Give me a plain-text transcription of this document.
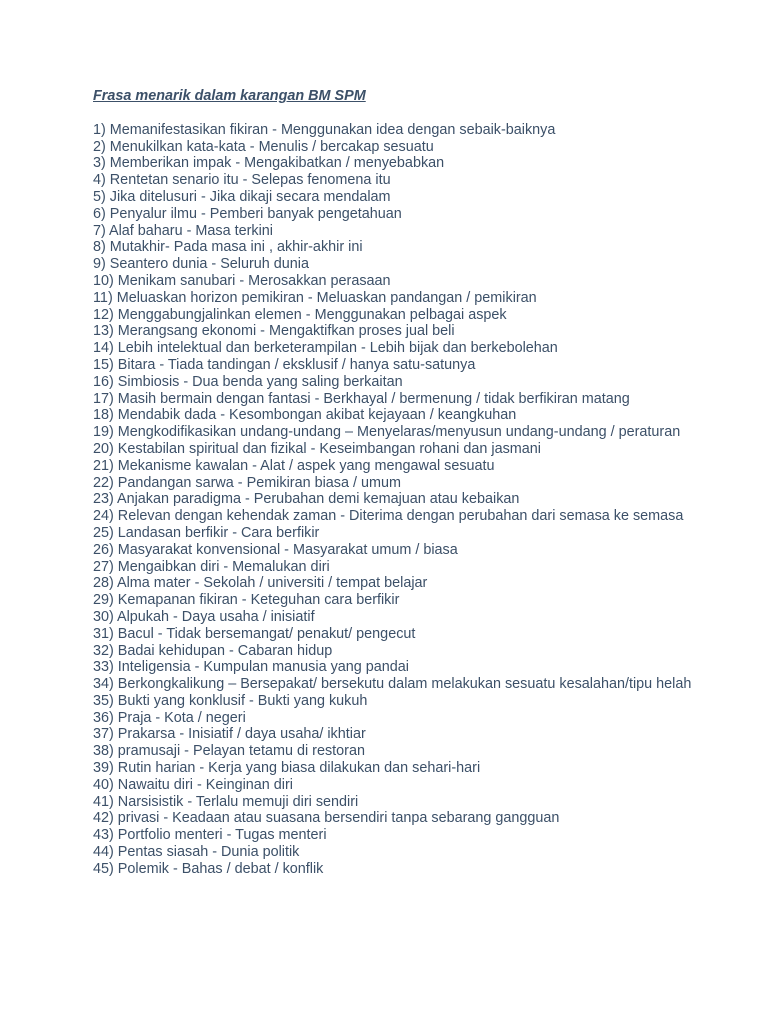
Frasa menarik dalam karangan BM SPM

1) Memanifestasikan fikiran - Menggunakan idea dengan sebaik-baiknya

2) Menukilkan kata-kata - Menulis / bercakap sesuatu

3) Memberikan impak - Mengakibatkan / menyebabkan

4) Rentetan senario itu - Selepas fenomena itu

5) Jika ditelusuri - Jika dikaji secara mendalam

6) Penyalur ilmu - Pemberi banyak pengetahuan

7) Alaf baharu - Masa terkini

8) Mutakhir- Pada masa ini , akhir-akhir ini

9) Seantero dunia - Seluruh dunia

10) Menikam sanubari - Merosakkan perasaan

11) Meluaskan horizon pemikiran - Meluaskan pandangan / pemikiran

12) Menggabungjalinkan elemen - Menggunakan pelbagai aspek

13) Merangsang ekonomi - Mengaktifkan proses jual beli

14) Lebih intelektual dan berketerampilan - Lebih bijak dan berkebolehan

15) Bitara - Tiada tandingan / eksklusif / hanya satu-satunya

16) Simbiosis - Dua benda yang saling berkaitan

17) Masih bermain dengan fantasi - Berkhayal / bermenung / tidak berfikiran matang

18) Mendabik dada - Kesombongan akibat kejayaan / keangkuhan

19) Mengkodifikasikan undang-undang – Menyelaras/menyusun undang-undang / peraturan

20) Kestabilan spiritual dan fizikal - Keseimbangan rohani dan jasmani

21) Mekanisme kawalan - Alat / aspek yang mengawal sesuatu

22) Pandangan sarwa - Pemikiran biasa / umum

23) Anjakan paradigma - Perubahan demi kemajuan atau kebaikan

24) Relevan dengan kehendak zaman - Diterima dengan perubahan dari semasa ke semasa

25) Landasan berfikir - Cara berfikir

26) Masyarakat konvensional - Masyarakat umum / biasa

27) Mengaibkan diri - Memalukan diri

28) Alma mater - Sekolah / universiti / tempat belajar

29) Kemapanan fikiran - Keteguhan cara berfikir

30) Alpukah - Daya usaha / inisiatif

31) Bacul - Tidak bersemangat/ penakut/ pengecut

32) Badai kehidupan - Cabaran hidup

33) Inteligensia - Kumpulan manusia yang pandai

34) Berkongkalikung – Bersepakat/ bersekutu dalam melakukan sesuatu kesalahan/tipu helah

35) Bukti yang konklusif - Bukti yang kukuh

36) Praja - Kota / negeri

37) Prakarsa - Inisiatif / daya usaha/ ikhtiar

38) pramusaji - Pelayan tetamu di restoran

39) Rutin harian - Kerja yang biasa dilakukan dan sehari-hari

40) Nawaitu diri - Keinginan diri

41) Narsisistik - Terlalu memuji diri sendiri

42) privasi - Keadaan atau suasana bersendiri tanpa sebarang gangguan

43) Portfolio menteri - Tugas menteri

44) Pentas siasah - Dunia politik

45) Polemik - Bahas / debat / konflik
